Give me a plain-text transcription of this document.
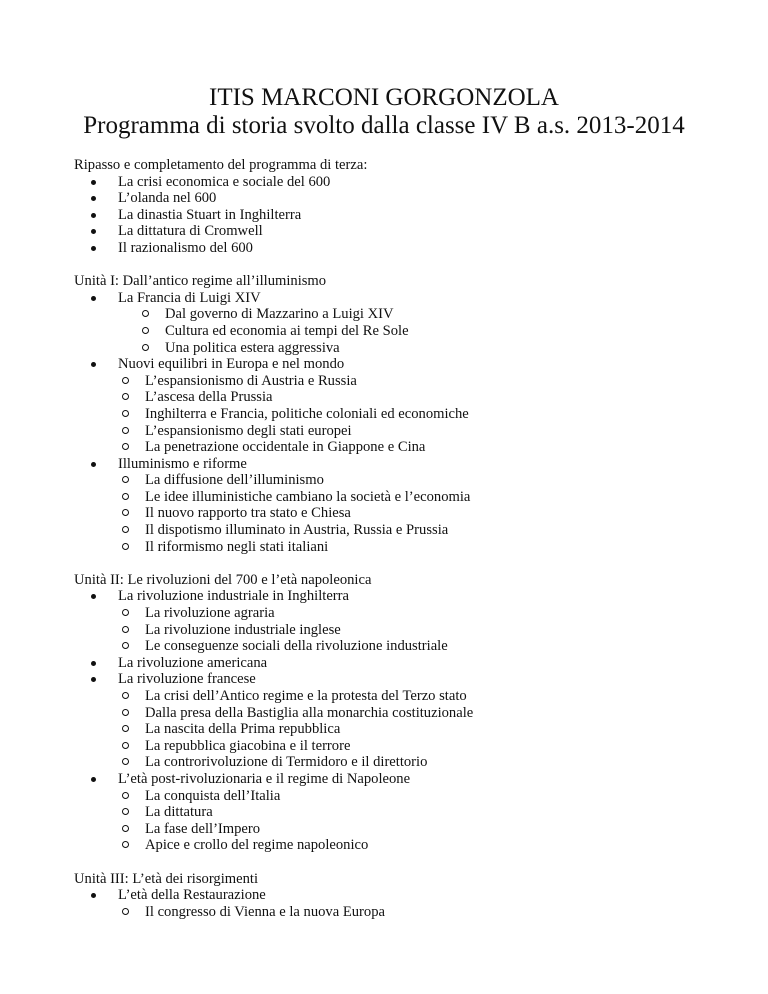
ITIS MARCONI GORGONZOLA
Programma di storia svolto dalla classe IV B a.s. 2013-2014
Ripasso e completamento del programma di terza:
La crisi economica e sociale del 600
L’olanda nel 600
La dinastia Stuart in Inghilterra
La dittatura di Cromwell
Il razionalismo del 600
Unità I: Dall’antico regime all’illuminismo
La Francia di Luigi XIV
Dal governo di Mazzarino a Luigi XIV
Cultura ed economia ai tempi del Re Sole
Una politica estera aggressiva
Nuovi equilibri in Europa e nel mondo
L’espansionismo di Austria e Russia
L’ascesa della Prussia
Inghilterra e Francia, politiche coloniali ed economiche
L’espansionismo degli stati europei
La penetrazione occidentale in Giappone e Cina
Illuminismo e riforme
La diffusione dell’illuminismo
Le idee illuministiche cambiano la società e l’economia
Il nuovo rapporto tra stato e Chiesa
Il dispotismo illuminato in Austria, Russia e Prussia
Il riformismo negli stati italiani
Unità II: Le rivoluzioni del 700 e l’età napoleonica
La rivoluzione industriale in Inghilterra
La rivoluzione agraria
La rivoluzione industriale inglese
Le conseguenze sociali della rivoluzione industriale
La rivoluzione americana
La rivoluzione francese
La crisi dell’Antico regime e la protesta del Terzo stato
Dalla presa della Bastiglia alla monarchia costituzionale
La nascita della Prima repubblica
La repubblica giacobina e il terrore
La controrivoluzione di Termidoro e il direttorio
L’età post-rivoluzionaria e il regime di Napoleone
La conquista dell’Italia
La dittatura
La fase dell’Impero
Apice e crollo del regime napoleonico
Unità III: L’età dei risorgimenti
L’età della Restaurazione
Il congresso di Vienna e la nuova Europa
